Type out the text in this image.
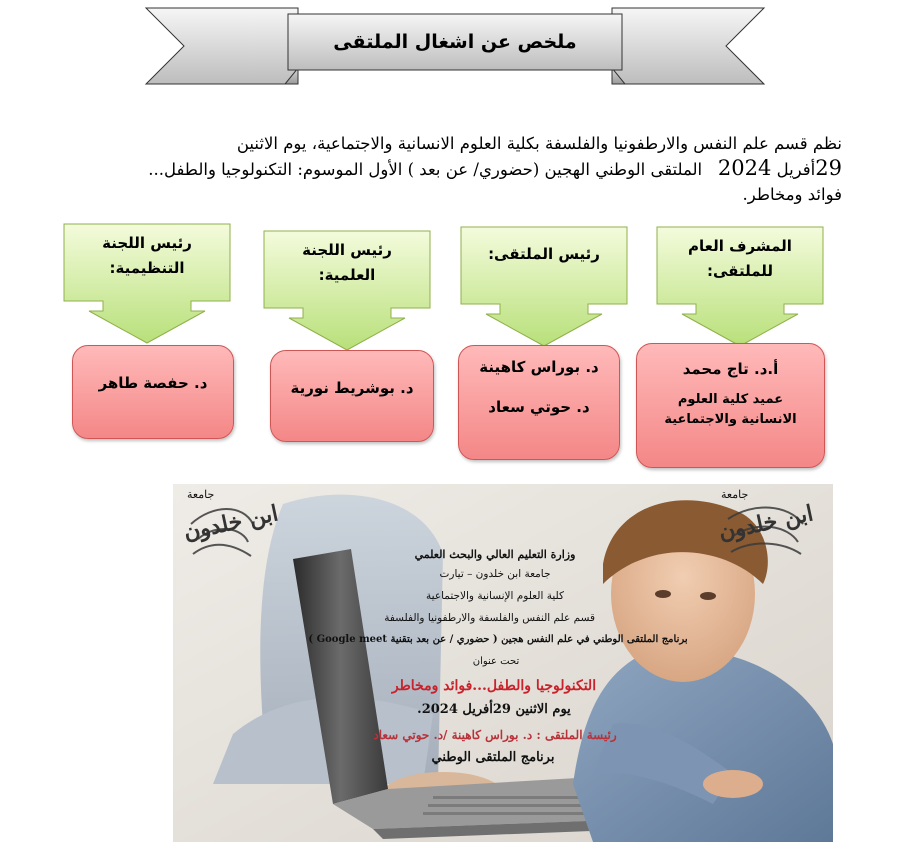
ملخص عن اشغال الملتقى
نظم قسم علم النفس والارطفونيا والفلسفة بكلية العلوم الانسانية والاجتماعية، يوم الاثنين
29أفريل 2024   الملتقى الوطني الهجين (حضوري/ عن بعد ) الأول الموسوم: التكنولوجيا والطفل...
فوائد ومخاطر.
المشرف العام للملتقى:
رئيس الملتقى:
رئيس اللجنة العلمية:
رئيس اللجنة التنظيمية:
أ.د. تاج محمد
عميد كلية العلوم الانسانية والاجتماعية
د. بوراس كاهينة
د. حوتي سعاد
د. بوشريط نورية
د. حفصة طاهر
جامعة
ابن خلدون
جامعة
ابن خلدون
وزارة التعليم العالي والبحث العلمي
جامعة ابن خلدون – تيارت
كلية العلوم الإنسانية والاجتماعية
قسم علم النفس والفلسفة والارطفونيا والفلسفة
برنامج الملتقى الوطني في علم النفس هجين ( حضوري / عن بعد بتقنية Google meet )
تحت عنوان
التكنولوجيا والطفل...فوائد ومخاطر
يوم الاثنين 29أفريل 2024.
رئيسة الملتقى : د. بوراس كاهينة /د. حوتي سعاد
برنامج الملتقى الوطني
